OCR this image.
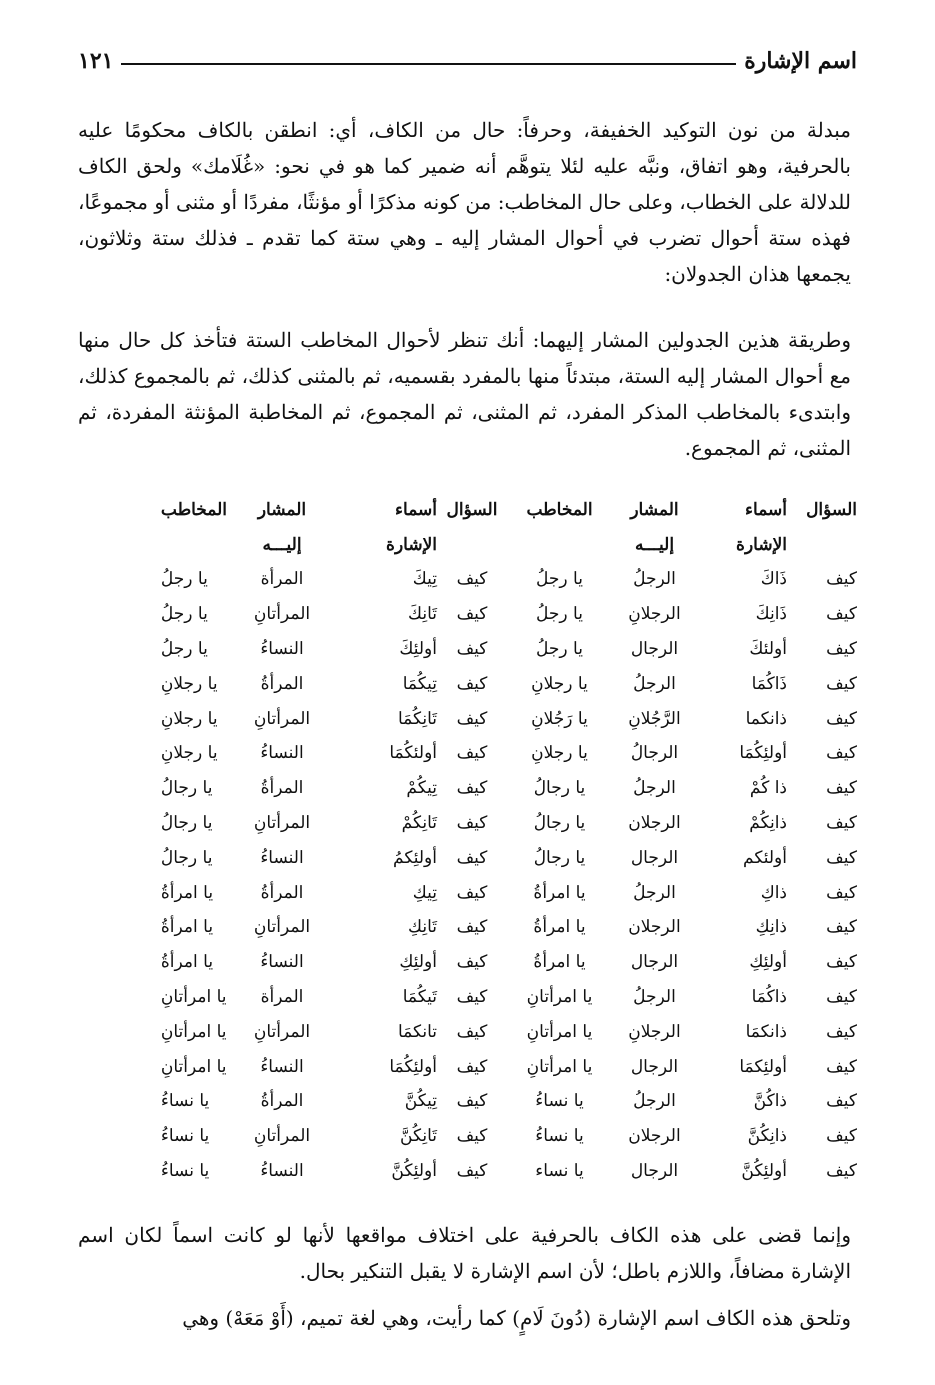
اسم الإشارة
١٢١
مبدلة من نون التوكيد الخفيفة، وحرفاً: حال من الكاف، أي: انطقن بالكاف محكومًا عليه بالحرفية، وهو اتفاق، ونبَّه عليه لئلا يتوهَّم أنه ضمير كما هو في نحو: «غُلَامك» ولحق الكاف للدلالة على الخطاب، وعلى حال المخاطب: من كونه مذكرًا أو مؤنثًا، مفردًا أو مثنى أو مجموعًا، فهذه ستة أحوال تضرب في أحوال المشار إليه ـ وهي ستة كما تقدم ـ فذلك ستة وثلاثون، يجمعها هذان الجدولان:
وطريقة هذين الجدولين المشار إليهما: أنك تنظر لأحوال المخاطب الستة فتأخذ كل حال منها مع أحوال المشار إليه الستة، مبتدئاً منها بالمفرد بقسميه، ثم بالمثنى كذلك، ثم بالمجموع كذلك، وابتدىء بالمخاطب المذكر المفرد، ثم المثنى، ثم المجموع، ثم المخاطبة المؤنثة المفردة، ثم المثنى، ثم المجموع.
السؤال	أسماء	المشار	المخاطب	السؤال	أسماء	المشار	المخاطب
	الإشارة	إليـــه			الإشارة	إليـــه	
كيف	ذَاكَ	الرجلُ	يا رجلُ	كيف	تِيكَ	المرأة	يا رجلُ
كيف	ذَانِكَ	الرجلانِ	يا رجلُ	كيف	تَانِكَ	المرأتانِ	يا رجلُ
كيف	أولئكَ	الرجال	يا رجلُ	كيف	أولئِكَ	النساءُ	يا رجلُ
كيف	ذَاكُمَا	الرجلُ	يا رجلانِ	كيف	تِيكُمَا	المرأةُ	يا رجلانِ
كيف	ذانكما	الرَّجُلانِ	يا رَجُلانِ	كيف	تَانِكُمَا	المرأتانِ	يا رجلانِ
كيف	أولئِكُمَا	الرجالُ	يا رجلانِ	كيف	أولئكُمَا	النساءُ	يا رجلانِ
كيف	ذا كُمْ	الرجلُ	يا رجالُ	كيف	تِيكُمْ	المرأةُ	يا رجالُ
كيف	ذانِكُمْ	الرجلان	يا رجالُ	كيف	تَانِكُمْ	المرأتانِ	يا رجالُ
كيف	أولئكم	الرجال	يا رجالُ	كيف	أولئِكمُ	النساءُ	يا رجالُ
كيف	ذاكِ	الرجلُ	يا امرأةُ	كيف	تِيكِ	المرأةُ	يا امرأةُ
كيف	ذانِكِ	الرجلان	يا امرأةُ	كيف	تَانِكِ	المرأتانِ	يا امرأةُ
كيف	أولئِكِ	الرجال	يا امرأةُ	كيف	أولئِكِ	النساءُ	يا امرأةُ
كيف	ذاكُمَا	الرجلُ	يا امرأتانِ	كيف	تَيكُمَا	المرأة	يا امرأتانِ
كيف	ذانكمَا	الرجلانِ	يا امرأتانِ	كيف	تانكمَا	المرأتانِ	يا امرأتانِ
كيف	أولئِكمَا	الرجال	يا امرأتانِ	كيف	أولئِكُمَا	النساءُ	يا امرأتانِ
كيف	ذاكُنَّ	الرجلُ	يا نساءُ	كيف	تِيكُنَّ	المرأةُ	يا نساءُ
كيف	ذانِكُنَّ	الرجلان	يا نساءُ	كيف	تَانِكُنَّ	المرأتانِ	يا نساءُ
كيف	أولئِكُنَّ	الرجال	يا نساء	كيف	أولئِكُنَّ	النساءُ	يا نساءُ
وإنما قضى على هذه الكاف بالحرفية على اختلاف مواقعها لأنها لو كانت اسماً لكان اسم الإشارة مضافاً، واللازم باطل؛ لأن اسم الإشارة لا يقبل التنكير بحال.
وتلحق هذه الكاف اسم الإشارة (دُونَ لَامٍ) كما رأيت، وهي لغة تميم، (أَوْ مَعَهْ) وهي
